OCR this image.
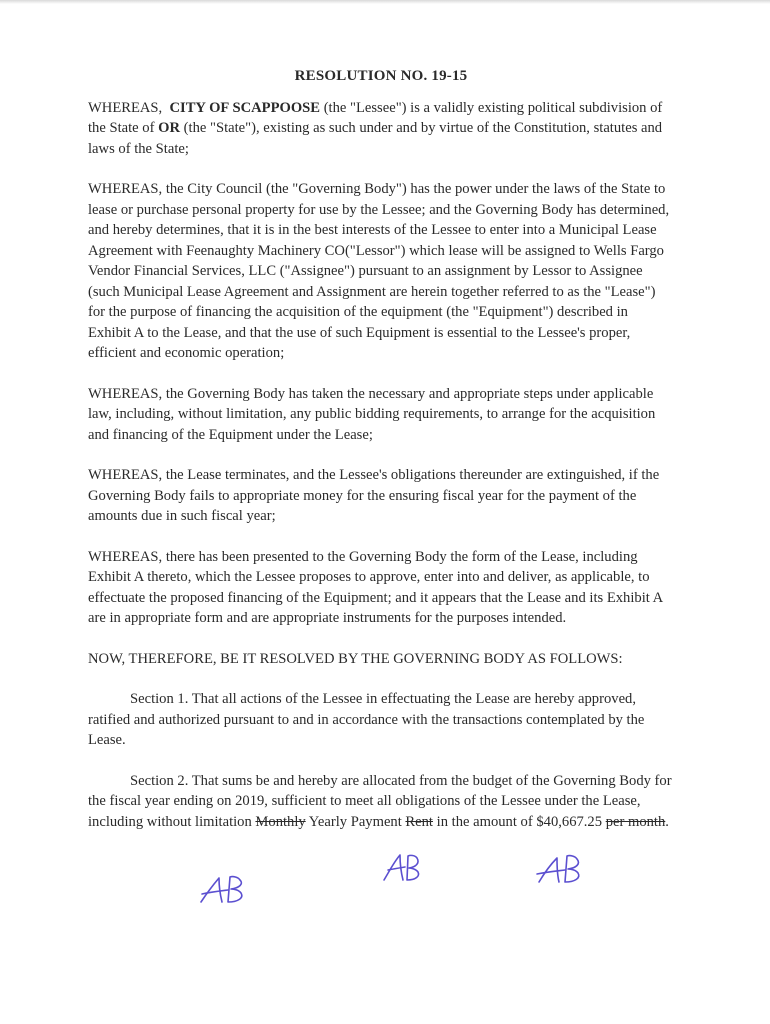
RESOLUTION NO. 19-15

WHEREAS, CITY OF SCAPPOOSE (the "Lessee") is a validly existing political subdivision of the State of OR (the "State"), existing as such under and by virtue of the Constitution, statutes and laws of the State;

WHEREAS, the City Council (the "Governing Body") has the power under the laws of the State to lease or purchase personal property for use by the Lessee; and the Governing Body has determined, and hereby determines, that it is in the best interests of the Lessee to enter into a Municipal Lease Agreement with Feenaughty Machinery CO("Lessor") which lease will be assigned to Wells Fargo Vendor Financial Services, LLC ("Assignee") pursuant to an assignment by Lessor to Assignee (such Municipal Lease Agreement and Assignment are herein together referred to as the "Lease") for the purpose of financing the acquisition of the equipment (the "Equipment") described in Exhibit A to the Lease, and that the use of such Equipment is essential to the Lessee's proper, efficient and economic operation;

WHEREAS, the Governing Body has taken the necessary and appropriate steps under applicable law, including, without limitation, any public bidding requirements, to arrange for the acquisition and financing of the Equipment under the Lease;

WHEREAS, the Lease terminates, and the Lessee's obligations thereunder are extinguished, if the Governing Body fails to appropriate money for the ensuring fiscal year for the payment of the amounts due in such fiscal year;

WHEREAS, there has been presented to the Governing Body the form of the Lease, including Exhibit A thereto, which the Lessee proposes to approve, enter into and deliver, as applicable, to effectuate the proposed financing of the Equipment; and it appears that the Lease and its Exhibit A are in appropriate form and are appropriate instruments for the purposes intended.

NOW, THEREFORE, BE IT RESOLVED BY THE GOVERNING BODY AS FOLLOWS:

Section 1. That all actions of the Lessee in effectuating the Lease are hereby approved, ratified and authorized pursuant to and in accordance with the transactions contemplated by the Lease.

Section 2. That sums be and hereby are allocated from the budget of the Governing Body for the fiscal year ending on 2019, sufficient to meet all obligations of the Lessee under the Lease, including without limitation Monthly Yearly Payment Rent in the amount of $40,667.25 per month.
